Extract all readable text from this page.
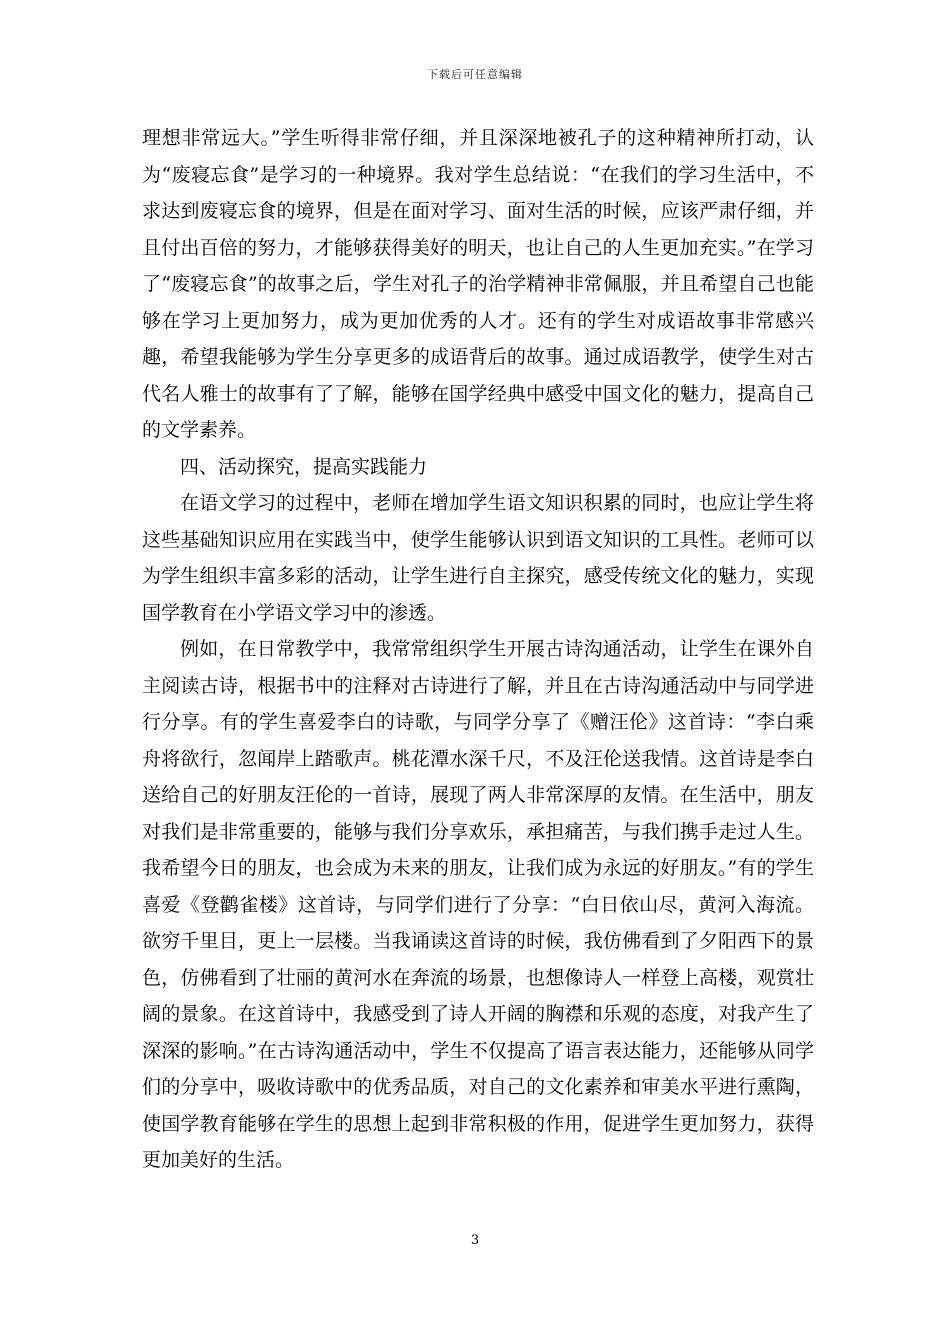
下载后可任意编辑

理想非常远大。”学生听得非常仔细，并且深深地被孔子的这种精神所打动，认为“废寝忘食”是学习的一种境界。我对学生总结说：“在我们的学习生活中，不求达到废寝忘食的境界，但是在面对学习、面对生活的时候，应该严肃仔细，并且付出百倍的努力，才能够获得美好的明天，也让自己的人生更加充实。”在学习了“废寝忘食”的故事之后，学生对孔子的治学精神非常佩服，并且希望自己也能够在学习上更加努力，成为更加优秀的人才。还有的学生对成语故事非常感兴趣，希望我能够为学生分享更多的成语背后的故事。通过成语教学，使学生对古代名人雅士的故事有了了解，能够在国学经典中感受中国文化的魅力，提高自己的文学素养。

四、活动探究，提高实践能力

在语文学习的过程中，老师在增加学生语文知识积累的同时，也应让学生将这些基础知识应用在实践当中，使学生能够认识到语文知识的工具性。老师可以为学生组织丰富多彩的活动，让学生进行自主探究，感受传统文化的魅力，实现国学教育在小学语文学习中的渗透。

例如，在日常教学中，我常常组织学生开展古诗沟通活动，让学生在课外自主阅读古诗，根据书中的注释对古诗进行了解，并且在古诗沟通活动中与同学进行分享。有的学生喜爱李白的诗歌，与同学分享了《赠汪伦》这首诗：“李白乘舟将欲行，忽闻岸上踏歌声。桃花潭水深千尺，不及汪伦送我情。这首诗是李白送给自己的好朋友汪伦的一首诗，展现了两人非常深厚的友情。在生活中，朋友对我们是非常重要的，能够与我们分享欢乐，承担痛苦，与我们携手走过人生。我希望今日的朋友，也会成为未来的朋友，让我们成为永远的好朋友。”有的学生喜爱《登鹳雀楼》这首诗，与同学们进行了分享：“白日依山尽，黄河入海流。欲穷千里目，更上一层楼。当我诵读这首诗的时候，我仿佛看到了夕阳西下的景色，仿佛看到了壮丽的黄河水在奔流的场景，也想像诗人一样登上高楼，观赏壮阔的景象。在这首诗中，我感受到了诗人开阔的胸襟和乐观的态度，对我产生了深深的影响。”在古诗沟通活动中，学生不仅提高了语言表达能力，还能够从同学们的分享中，吸收诗歌中的优秀品质，对自己的文化素养和审美水平进行熏陶，使国学教育能够在学生的思想上起到非常积极的作用，促进学生更加努力，获得更加美好的生活。

3
